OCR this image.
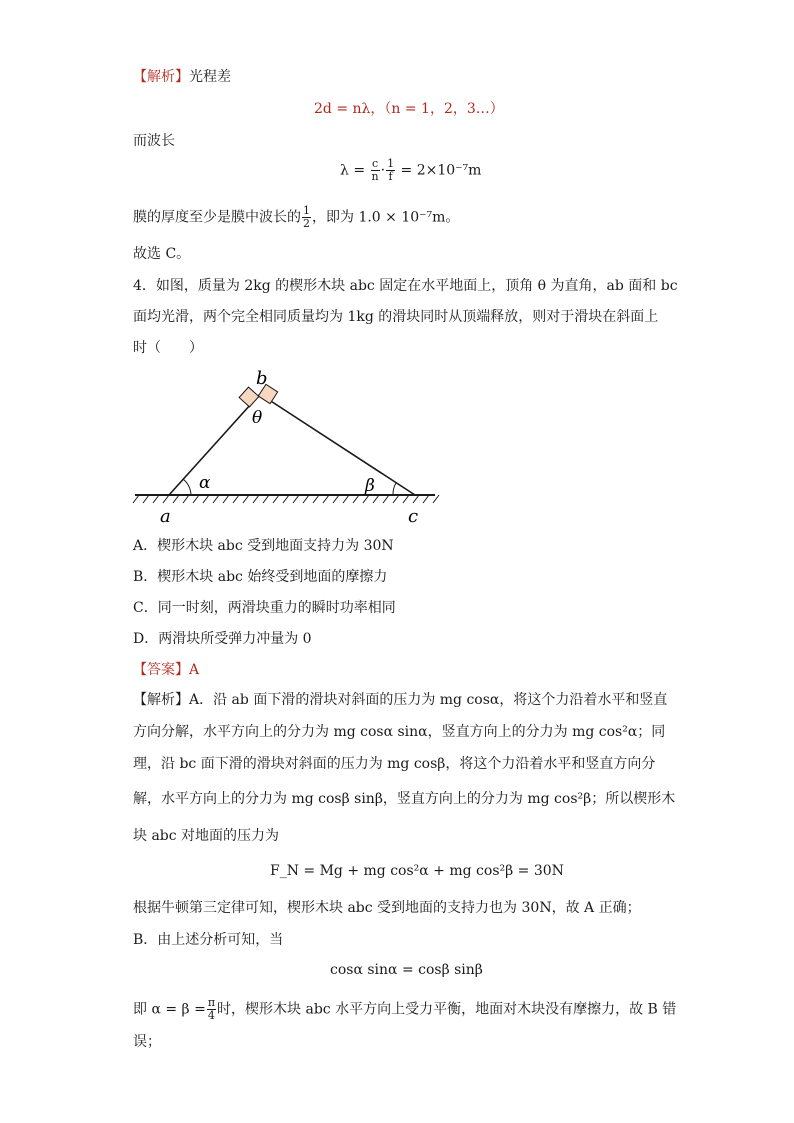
【解析】光程差
2d = nλ，（n = 1，2，3…）
而波长
$\lambda = \frac{c}{n} \cdot \frac{1}{f} = 2\times 10^{-7}m$
膜的厚度至少是膜中波长的 $\frac{1}{2}$ ，即为 1.0 × 10⁻⁷m。
故选 C。
4．如图，质量为 2kg 的楔形木块 abc 固定在水平地面上，顶角 θ 为直角，ab 面和 bc
面均光滑，两个完全相同质量均为 1kg 的滑块同时从顶端释放，则对于滑块在斜面上
时（　　）
b
θ
α	β
a	c
A．楔形木块 abc 受到地面支持力为 30N
B．楔形木块 abc 始终受到地面的摩擦力
C．同一时刻，两滑块重力的瞬时功率相同
D．两滑块所受弹力冲量为 0
【答案】A
【解析】A．沿 ab 面下滑的滑块对斜面的压力为 mg cosα，将这个力沿着水平和竖直
方向分解，水平方向上的分力为 mg cosα sinα，竖直方向上的分力为 mg cos²α；同
理，沿 bc 面下滑的滑块对斜面的压力为 mg cosβ，将这个力沿着水平和竖直方向分
解，水平方向上的分力为 mg cosβ sinβ，竖直方向上的分力为 mg cos²β；所以楔形木
块 abc 对地面的压力为
F_N = Mg + mg cos²α + mg cos²β = 30N
根据牛顿第三定律可知，楔形木块 abc 受到地面的支持力也为 30N，故 A 正确；
B．由上述分析可知，当
cosα sinα = cosβ sinβ
即 $\alpha = \beta = \frac{\pi}{4}$ 时，楔形木块 abc 水平方向上受力平衡，地面对木块没有摩擦力，故 B 错
误；
